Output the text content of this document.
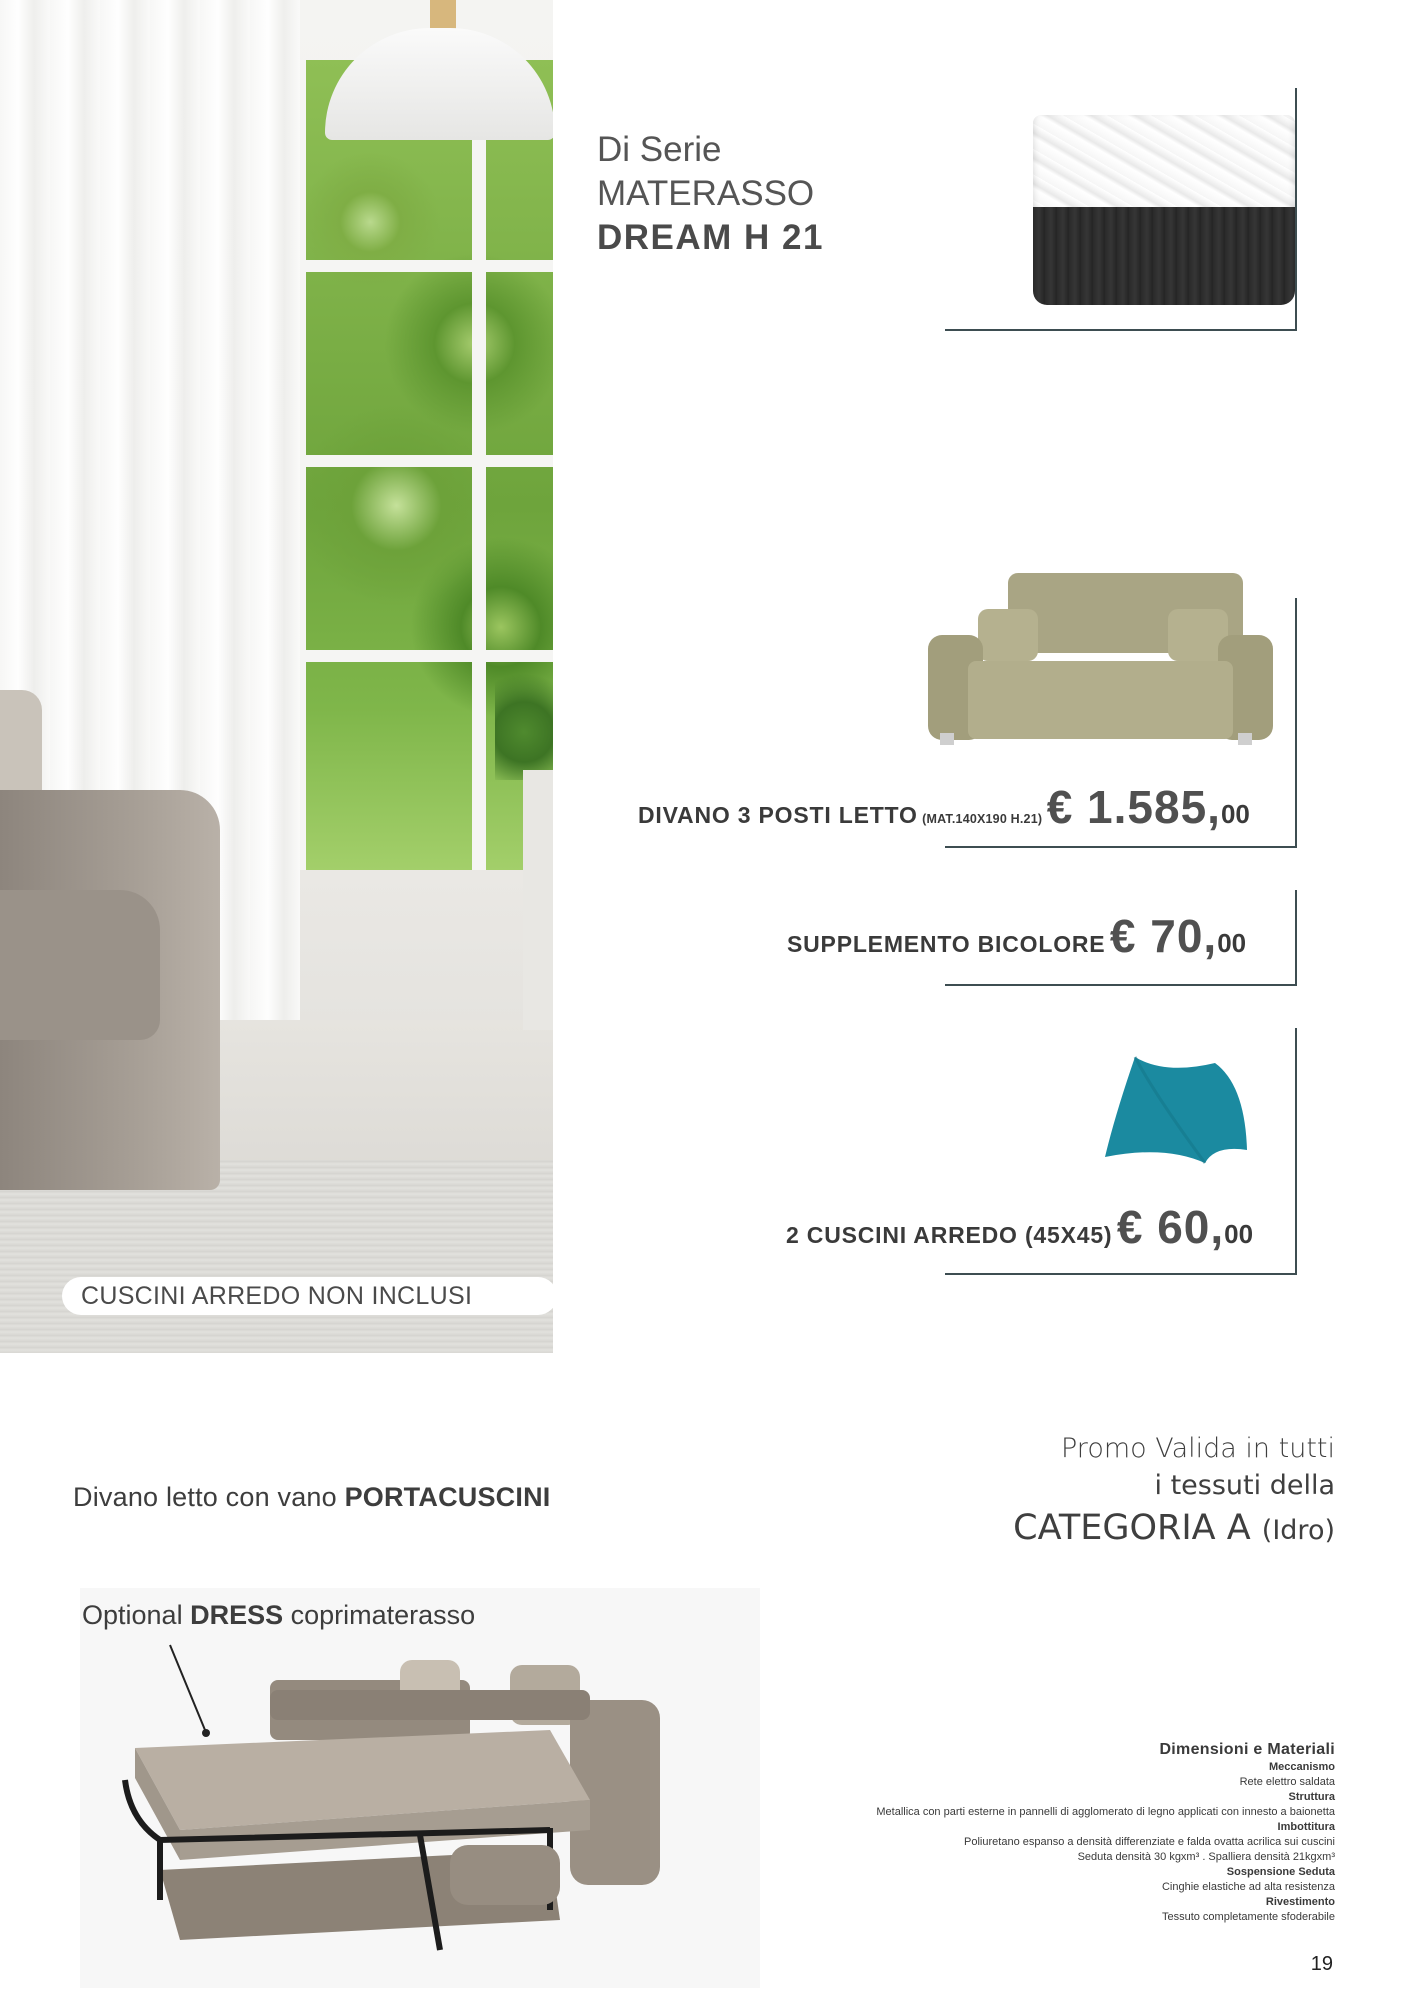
CUSCINI ARREDO NON INCLUSI
Di Serie
MATERASSO
DREAM H 21
DIVANO 3 POSTI LETTO (MAT.140X190 H.21) € 1.585,00
SUPPLEMENTO BICOLORE € 70,00
2 CUSCINI ARREDO (45X45) € 60,00
Divano letto con vano PORTACUSCINI
Promo Valida in tutti
i tessuti della
CATEGORIA A (Idro)
Optional DRESS coprimaterasso
Dimensioni e Materiali
Meccanismo
Rete elettro saldata
Struttura
Metallica con parti esterne in pannelli di agglomerato di legno applicati con innesto a baionetta
Imbottitura
Poliuretano espanso a densità differenziate e falda ovatta acrilica sui cuscini
Seduta densità 30 kgxm³ . Spalliera densità 21kgxm³
Sospensione Seduta
Cinghie elastiche ad alta resistenza
Rivestimento
Tessuto completamente sfoderabile
19
